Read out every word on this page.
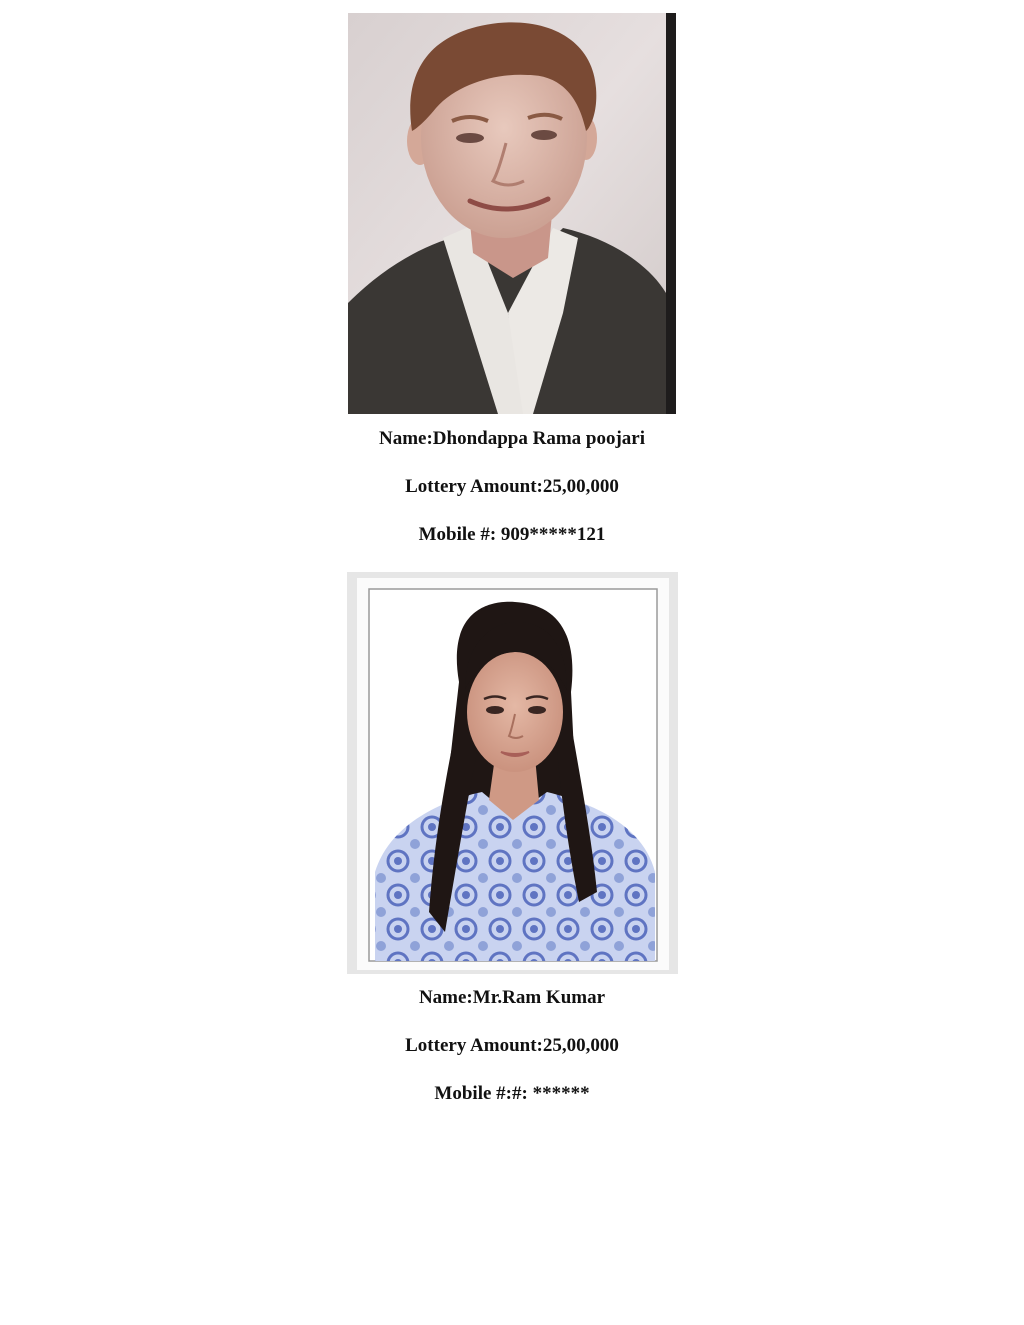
Name:Dhondappa Rama poojari

Lottery Amount:25,00,000

Mobile #: 909*****121

Name:Mr.Ram Kumar

Lottery Amount:25,00,000

Mobile #:#: ******
